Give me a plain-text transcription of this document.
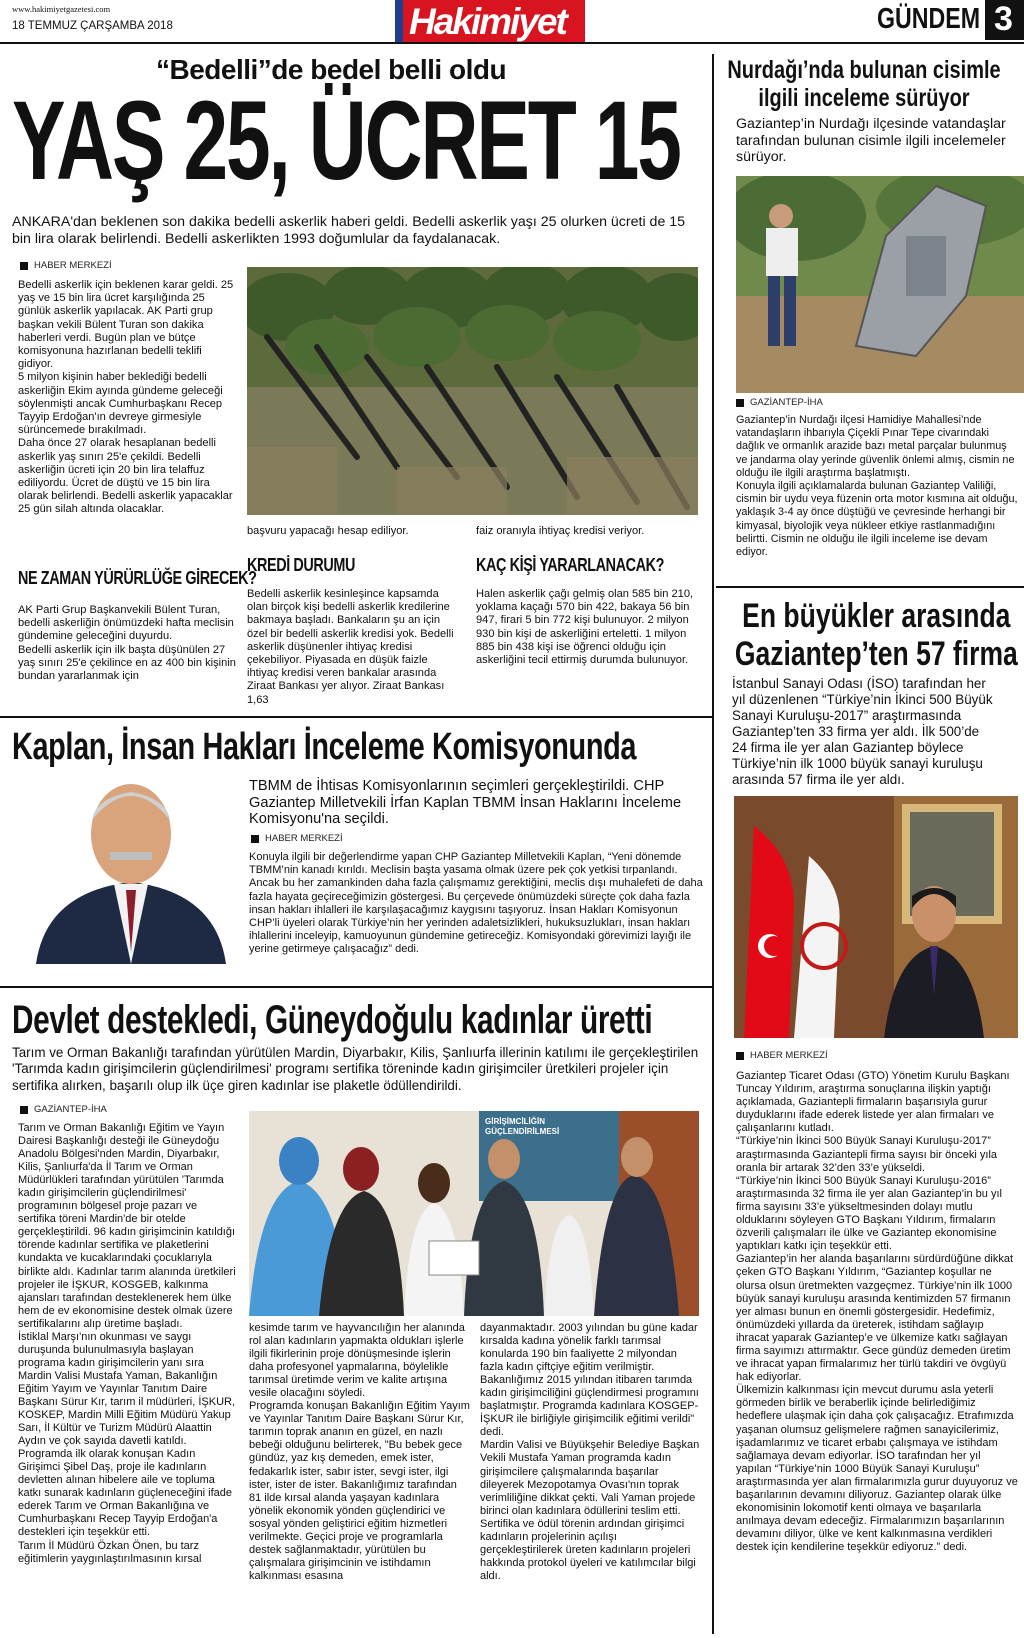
www.hakimiyetgazetesi.com
18 TEMMUZ ÇARŞAMBA 2018	Hakimiyet	GÜNDEM 3
“Bedelli”de bedel belli oldu
YAŞ 25, ÜCRET 15
ANKARA'dan beklenen son dakika bedelli askerlik haberi geldi. Bedelli askerlik yaşı 25 olurken ücreti de 15 bin lira olarak belirlendi. Bedelli askerlikten 1993 doğumlular da faydalanacak.
HABER MERKEZİ
Bedelli askerlik için beklenen karar geldi. 25 yaş ve 15 bin lira ücret karşılığında 25 günlük askerlik yapılacak. AK Parti grup başkan vekili Bülent Turan son dakika haberleri verdi. Bugün plan ve bütçe komisyonuna hazırlanan bedelli teklifi gidiyor.
5 milyon kişinin haber beklediği bedelli askerliğin Ekim ayında gündeme geleceği söylenmişti ancak Cumhurbaşkanı Recep Tayyip Erdoğan'ın devreye girmesiyle sürüncemede bırakılmadı.
Daha önce 27 olarak hesaplanan bedelli askerlik yaş sınırı 25'e çekildi. Bedelli askerliğin ücreti için 20 bin lira telaffuz ediliyordu. Ücret de düştü ve 15 bin lira olarak belirlendi. Bedelli askerlik yapacaklar 25 gün silah altında olacaklar.
NE ZAMAN YÜRÜRLÜĞE GİRECEK?
AK Parti Grup Başkanvekili Bülent Turan, bedelli askerliğin önümüzdeki hafta meclisin gündemine geleceğini duyurdu.
Bedelli askerlik için ilk başta düşünülen 27 yaş sınırı 25'e çekilince en az 400 bin kişinin bundan yararlanmak için
başvuru yapacağı hesap ediliyor.
KREDİ DURUMU
Bedelli askerlik kesinleşince kapsamda olan birçok kişi bedelli askerlik kredilerine bakmaya başladı. Bankaların şu an için özel bir bedelli askerlik kredisi yok. Bedelli askerlik düşünenler ihtiyaç kredisi çekebiliyor. Piyasada en düşük faizle ihtiyaç kredisi veren bankalar arasında Ziraat Bankası yer alıyor. Ziraat Bankası 1,63
faiz oranıyla ihtiyaç kredisi veriyor.
KAÇ KİŞİ YARARLANACAK?
Halen askerlik çağı gelmiş olan 585 bin 210, yoklama kaçağı 570 bin 422, bakaya 56 bin 947, firari 5 bin 772 kişi bulunuyor. 2 milyon 930 bin kişi de askerliğini erteletti. 1 milyon 885 bin 438 kişi ise öğrenci olduğu için askerliğini tecil ettirmiş durumda bulunuyor.
Nurdağı’nda bulunan cisimle ilgili inceleme sürüyor
Gaziantep’in Nurdağı ilçesinde vatandaşlar tarafından bulunan cisimle ilgili incelemeler sürüyor.
GAZİANTEP-İHA
Gaziantep’in Nurdağı ilçesi Hamidiye Mahallesi’nde vatandaşların ihbarıyla Çiçekli Pınar Tepe civarındaki dağlık ve ormanlık arazide bazı metal parçalar bulunmuş ve jandarma olay yerinde güvenlik önlemi almış, cismin ne olduğu ile ilgili araştırma başlatmıştı.
Konuyla ilgili açıklamalarda bulunan Gaziantep Valiliği, cismin bir uydu veya füzenin orta motor kısmına ait olduğu, yaklaşık 3-4 ay önce düştüğü ve çevresinde herhangi bir kimyasal, biyolojik veya nükleer etkiye rastlanmadığını belirtti. Cismin ne olduğu ile ilgili inceleme ise devam ediyor.
Kaplan, İnsan Hakları İnceleme Komisyonunda
TBMM de İhtisas Komisyonlarının seçimleri gerçekleştirildi. CHP Gaziantep Milletvekili İrfan Kaplan TBMM İnsan Haklarını İnceleme Komisyonu'na seçildi.
HABER MERKEZİ
Konuyla ilgili bir değerlendirme yapan CHP Gaziantep Milletvekili Kaplan, “Yeni dönemde TBMM’nin kanadı kırıldı. Meclisin başta yasama olmak üzere pek çok yetkisi tırpanlandı. Ancak bu her zamankinden daha fazla çalışmamız gerektiğini, meclis dışı muhalefeti de daha fazla hayata geçireceğimizin göstergesi. Bu çerçevede önümüzdeki süreçte çok daha fazla insan hakları ihlalleri ile karşılaşacağımız kaygısını taşıyoruz. İnsan Hakları Komisyonun CHP’li üyeleri olarak Türkiye’nin her yerinden adaletsizlikleri, hukuksuzlukları, insan hakları ihlallerini inceleyip, kamuoyunun gündemine getireceğiz. Komisyondaki görevimizi layığı ile yerine getirmeye çalışacağız” dedi.
En büyükler arasında Gaziantep’ten 57 firma
İstanbul Sanayi Odası (İSO) tarafından her yıl düzenlenen “Türkiye’nin İkinci 500 Büyük Sanayi Kuruluşu-2017” araştırmasında Gaziantep’ten 33 firma yer aldı. İlk 500’de 24 firma ile yer alan Gaziantep böylece Türkiye’nin ilk 1000 büyük sanayi kuruluşu arasında 57 firma ile yer aldı.
HABER MERKEZİ
Gaziantep Ticaret Odası (GTO) Yönetim Kurulu Başkanı Tuncay Yıldırım, araştırma sonuçlarına ilişkin yaptığı açıklamada, Gaziantepli firmaların başarısıyla gurur duyduklarını ifade ederek listede yer alan firmaları ve çalışanlarını kutladı.
“Türkiye’nin İkinci 500 Büyük Sanayi Kuruluşu-2017” araştırmasında Gaziantepli firma sayısı bir önceki yıla oranla bir artarak 32’den 33’e yükseldi.
“Türkiye’nin İkinci 500 Büyük Sanayi Kuruluşu-2016” araştırmasında 32 firma ile yer alan Gaziantep’in bu yıl firma sayısını 33’e yükseltmesinden dolayı mutlu olduklarını söyleyen GTO Başkanı Yıldırım, firmaların özverili çalışmaları ile ülke ve Gaziantep ekonomisine yaptıkları katkı için teşekkür etti.
Gaziantep’in her alanda başarılarını sürdürdüğüne dikkat çeken GTO Başkanı Yıldırım, “Gaziantep koşullar ne olursa olsun üretmekten vazgeçmez. Türkiye’nin ilk 1000 büyük sanayi kuruluşu arasında kentimizden 57 firmanın yer alması bunun en önemli göstergesidir. Hedefimiz, önümüzdeki yıllarda da üreterek, istihdam sağlayıp ihracat yaparak Gaziantep’e ve ülkemize katkı sağlayan firma sayımızı attırmaktır. Gece gündüz demeden üretim ve ihracat yapan firmalarımız her türlü takdiri ve övgüyü hak ediyorlar.
Ülkemizin kalkınması için mevcut durumu asla yeterli görmeden birlik ve beraberlik içinde belirlediğimiz hedeflere ulaşmak için daha çok çalışacağız. Etrafımızda yaşanan olumsuz gelişmelere rağmen sanayicilerimiz, işadamlarımız ve ticaret erbabı çalışmaya ve istihdam sağlamaya devam ediyorlar. İSO tarafından her yıl yapılan “Türkiye’nin 1000 Büyük Sanayi Kuruluşu” araştırmasında yer alan firmalarımızla gurur duyuyoruz ve başarılarının devamını diliyoruz. Gaziantep olarak ülke ekonomisinin lokomotif kenti olmaya ve başarılarla anılmaya devam edeceğiz. Firmalarımızın başarılarının devamını diliyor, ülke ve kent kalkınmasına verdikleri destek için kendilerine teşekkür ediyoruz.” dedi.
Devlet destekledi, Güneydoğulu kadınlar üretti
Tarım ve Orman Bakanlığı tarafından yürütülen Mardin, Diyarbakır, Kilis, Şanlıurfa illerinin katılımı ile gerçekleştirilen 'Tarımda kadın girişimcilerin güçlendirilmesi' programı sertifika töreninde kadın girişimciler üretkileri projeler için sertifika alırken, başarılı olup ilk üçe giren kadınlar ise plaketle ödüllendirildi.
GAZİANTEP-İHA
Tarım ve Orman Bakanlığı Eğitim ve Yayın Dairesi Başkanlığı desteği ile Güneydoğu Anadolu Bölgesi'nden Mardin, Diyarbakır, Kilis, Şanlıurfa'da İl Tarım ve Orman Müdürlükleri tarafından yürütülen 'Tarımda kadın girişimcilerin güçlendirilmesi' programının bölgesel proje pazarı ve sertifika töreni Mardin'de bir otelde gerçekleştirildi. 96 kadın girişimcinin katıldığı törende kadınlar sertifika ve plaketlerini kundakta ve kucaklarındaki çocuklarıyla birlikte aldı. Kadınlar tarım alanında üretkileri projeler ile İŞKUR, KOSGEB, kalkınma ajansları tarafından desteklenerek hem ülke hem de ev ekonomisine destek olmak üzere sertifikalarını alıp üretime başladı.
İstiklal Marşı'nın okunması ve saygı duruşunda bulunulmasıyla başlayan programa kadın girişimcilerin yanı sıra Mardin Valisi Mustafa Yaman, Bakanlığın Eğitim Yayım ve Yayınlar Tanıtım Daire Başkanı Sürur Kır, tarım il müdürleri, İŞKUR, KOSKEP, Mardin Milli Eğitim Müdürü Yakup Sarı, İl Kültür ve Turizm Müdürü Alaattin Aydın ve çok sayıda davetli katıldı.
Programda ilk olarak konuşan Kadın Girişimci Şibel Daş, proje ile kadınların devletten alınan hibelere aile ve topluma katkı sunarak kadınların güçleneceğini ifade ederek Tarım ve Orman Bakanlığına ve Cumhurbaşkanı Recep Tayyip Erdoğan'a destekleri için teşekkür etti.
Tarım İl Müdürü Özkan Önen, bu tarz eğitimlerin yaygınlaştırılmasının kırsal
GİRİŞİMCİLİĞİN GÜÇLENDİRİLMESİ
kesimde tarım ve hayvancılığın her alanında rol alan kadınların yapmakta oldukları işlerle ilgili fikirlerinin proje dönüşmesinde işlerin daha profesyonel yapmalarına, böylelikle tarımsal üretimde verim ve kalite artışına vesile olacağını söyledi.
Programda konuşan Bakanlığın Eğitim Yayım ve Yayınlar Tanıtım Daire Başkanı Sürur Kır, tarımın toprak ananın en güzel, en nazlı bebeği olduğunu belirterek, "Bu bebek gece gündüz, yaz kış demeden, emek ister, fedakarlık ister, sabır ister, sevgi ister, ilgi ister, ister de ister. Bakanlığımız tarafından 81 ilde kırsal alanda yaşayan kadınlara yönelik ekonomik yönden güçlendirici ve sosyal yönden geliştirici eğitim hizmetleri verilmekte. Geçici proje ve programlarla destek sağlanmaktadır, yürütülen bu çalışmalara girişimcinin ve istihdamın kalkınması esasına
dayanmaktadır. 2003 yılından bu güne kadar kırsalda kadına yönelik farklı tarımsal konularda 190 bin faaliyette 2 milyondan fazla kadın çiftçiye eğitim verilmiştir. Bakanlığımız 2015 yılından itibaren tarımda kadın girişimciliğini güçlendirmesi programını başlatmıştır. Programda kadınlara KOSGEP-İŞKUR ile birliğiyle girişimcilik eğitimi verildi" dedi.
Mardin Valisi ve Büyükşehir Belediye Başkan Vekili Mustafa Yaman programda kadın girişimcilere çalışmalarında başarılar dileyerek Mezopotamya Ovası'nın toprak verimliliğine dikkat çekti. Vali Yaman projede birinci olan kadınlara ödüllerini teslim etti. Sertifika ve ödül törenin ardından girişimci kadınların projelerinin açılışı gerçekleştirilerek üreten kadınların projeleri hakkında protokol üyeleri ve katılımcılar bilgi aldı.
